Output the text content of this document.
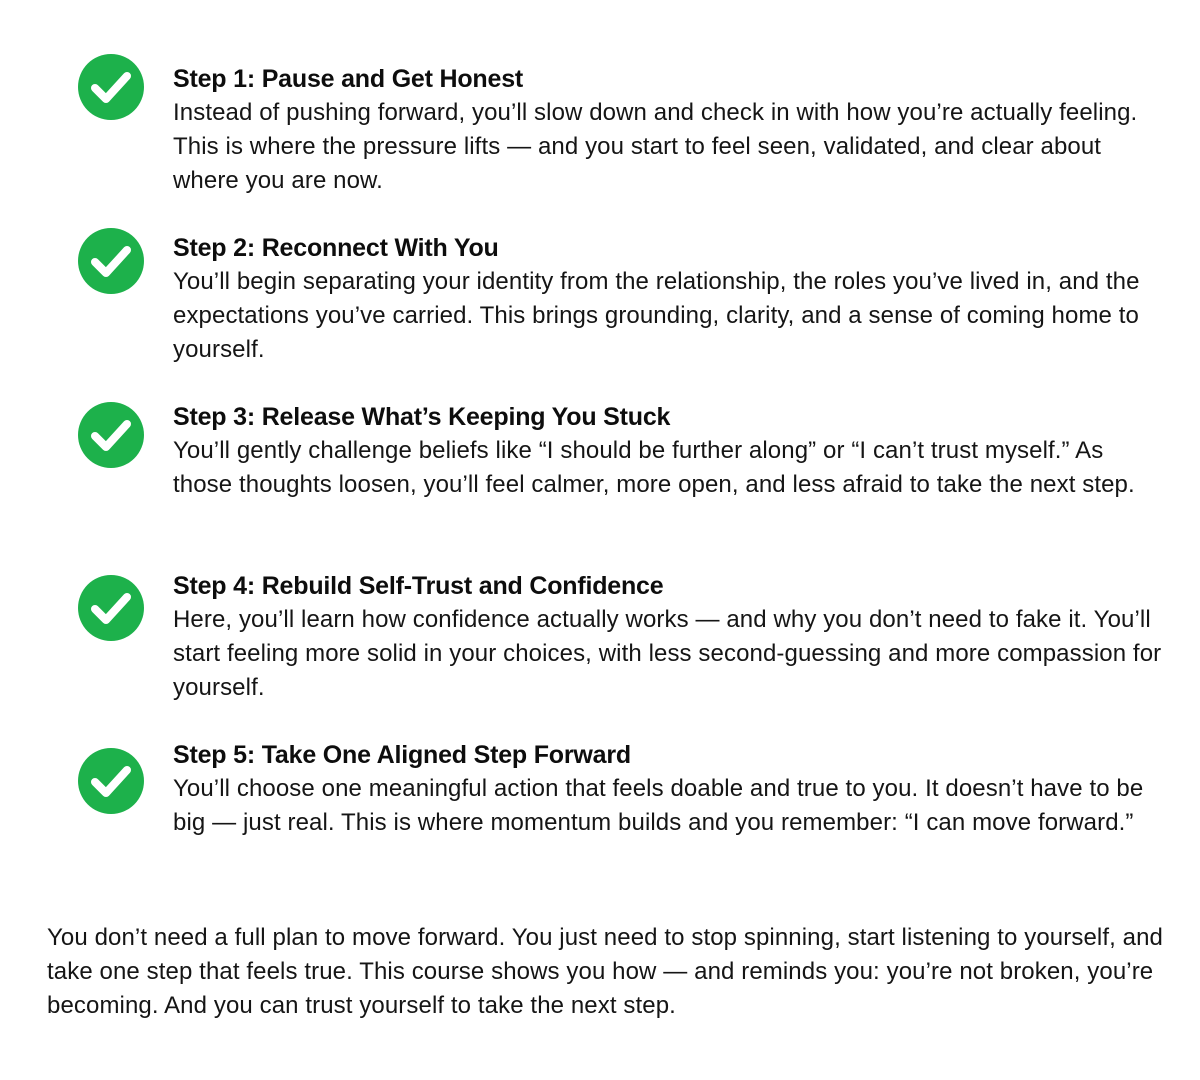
Step 1: Pause and Get Honest

Instead of pushing forward, you’ll slow down and check in with how you’re actually feeling. This is where the pressure lifts — and you start to feel seen, validated, and clear about where you are now.

Step 2: Reconnect With You

You’ll begin separating your identity from the relationship, the roles you’ve lived in, and the expectations you’ve carried. This brings grounding, clarity, and a sense of coming home to yourself.

Step 3: Release What’s Keeping You Stuck

You’ll gently challenge beliefs like “I should be further along” or “I can’t trust myself.” As those thoughts loosen, you’ll feel calmer, more open, and less afraid to take the next step.

Step 4: Rebuild Self-Trust and Confidence

Here, you’ll learn how confidence actually works — and why you don’t need to fake it. You’ll start feeling more solid in your choices, with less second-guessing and more compassion for yourself.

Step 5: Take One Aligned Step Forward

You’ll choose one meaningful action that feels doable and true to you. It doesn’t have to be big — just real. This is where momentum builds and you remember: “I can move forward.”

You don’t need a full plan to move forward. You just need to stop spinning, start listening to yourself, and take one step that feels true. This course shows you how — and reminds you: you’re not broken, you’re becoming. And you can trust yourself to take the next step.
